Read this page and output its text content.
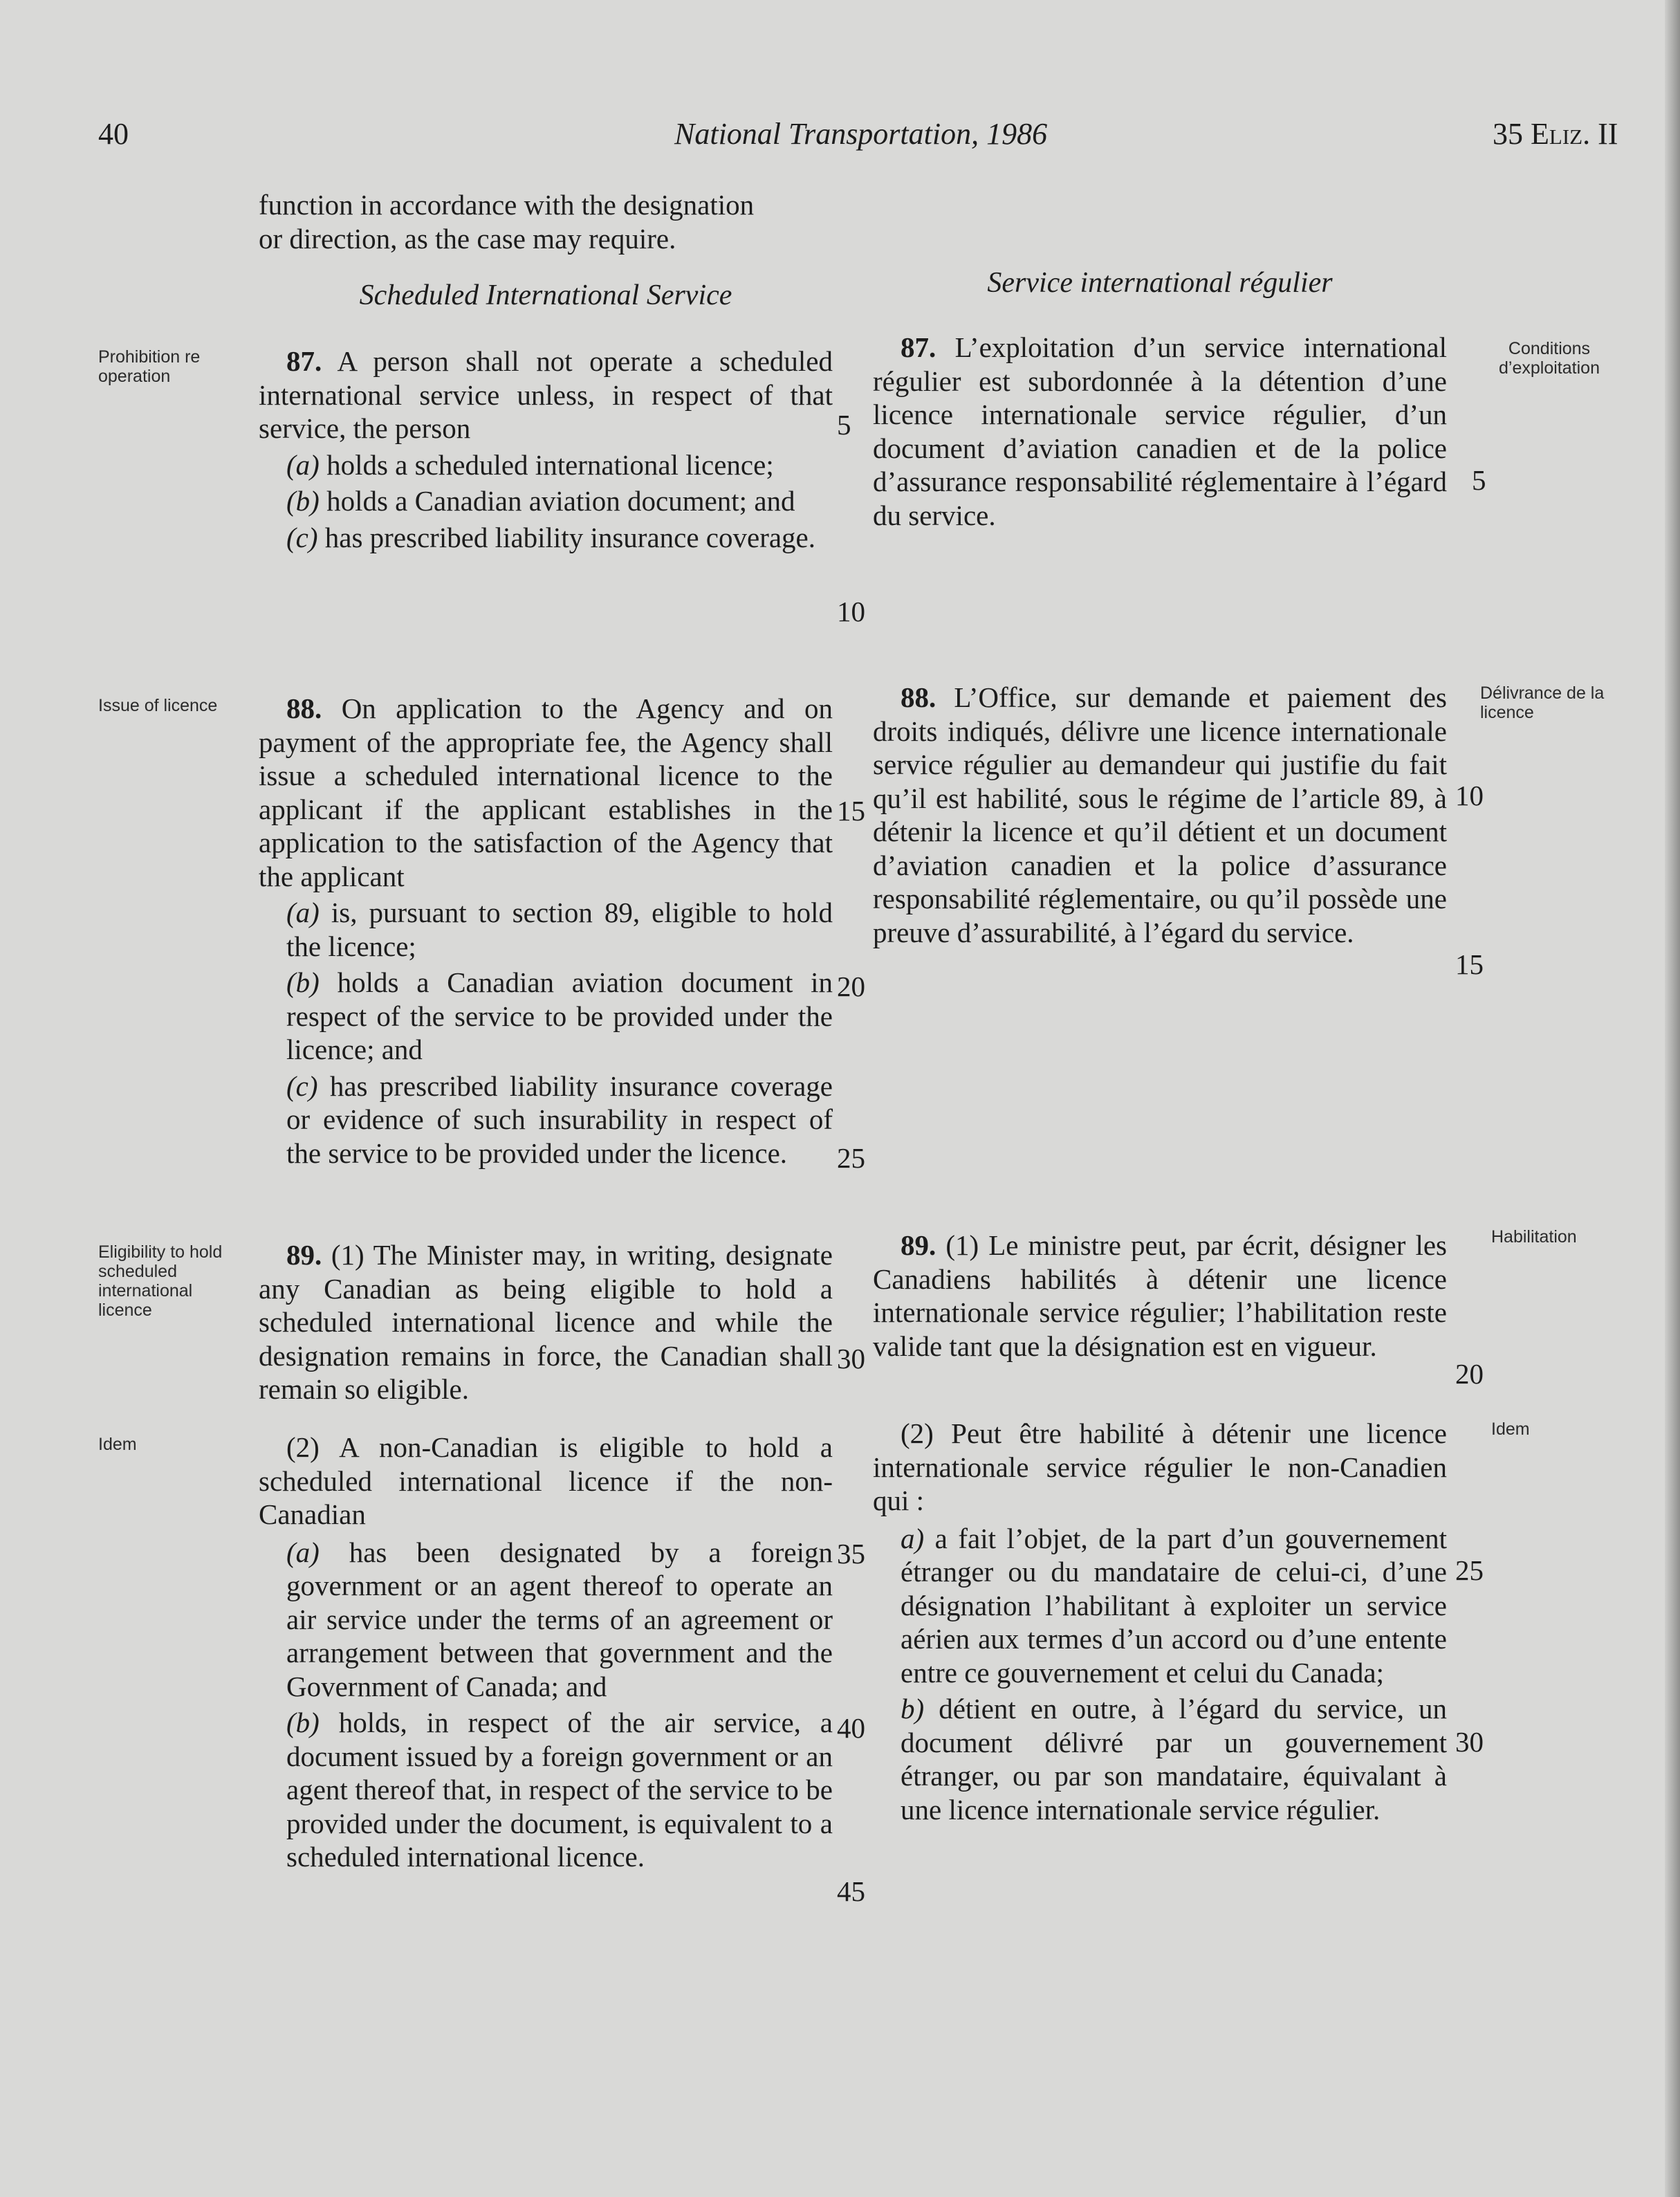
40	National Transportation, 1986	35 Eliz. II

function in accordance with the designation

or direction, as the case may require.

Scheduled International Service

87. A person shall not operate a scheduled international service unless, in respect of that service, the person

(a) holds a scheduled international licence;

(b) holds a Canadian aviation document; and

(c) has prescribed liability insurance coverage.

88. On application to the Agency and on payment of the appropriate fee, the Agency shall issue a scheduled international licence to the applicant if the applicant establishes in the application to the satisfaction of the Agency that the applicant

(a) is, pursuant to section 89, eligible to hold the licence;

(b) holds a Canadian aviation document in respect of the service to be provided under the licence; and

(c) has prescribed liability insurance coverage or evidence of such insurability in respect of the service to be provided under the licence.

89. (1) The Minister may, in writing, designate any Canadian as being eligible to hold a scheduled international licence and while the designation remains in force, the Canadian shall remain so eligible.

(2) A non-Canadian is eligible to hold a scheduled international licence if the non-Canadian

(a) has been designated by a foreign government or an agent thereof to operate an air service under the terms of an agreement or arrangement between that government and the Government of Canada; and

(b) holds, in respect of the air service, a document issued by a foreign government or an agent thereof that, in respect of the service to be provided under the document, is equivalent to a scheduled international licence.

Prohibition re operation
Issue of licence
Eligibility to hold scheduled international licence
Idem
5
10
15
20
25
30
35
40
45
Service international régulier

87. L’exploitation d’un service international régulier est subordonnée à la détention d’une licence internationale service régulier, d’un document d’aviation canadien et de la police d’assurance responsabilité réglementaire à l’égard du service.

88. L’Office, sur demande et paiement des droits indiqués, délivre une licence internationale service régulier au demandeur qui justifie du fait qu’il est habilité, sous le régime de l’article 89, à détenir la licence et qu’il détient et un document d’aviation canadien et la police d’assurance responsabilité réglementaire, ou qu’il possède une preuve d’assurabilité, à l’égard du service.

89. (1) Le ministre peut, par écrit, désigner les Canadiens habilités à détenir une licence internationale service régulier; l’habilitation reste valide tant que la désignation est en vigueur.

(2) Peut être habilité à détenir une licence internationale service régulier le non-Canadien qui :

a) a fait l’objet, de la part d’un gouvernement étranger ou du mandataire de celui-ci, d’une désignation l’habilitant à exploiter un service aérien aux termes d’un accord ou d’une entente entre ce gouvernement et celui du Canada;

b) détient en outre, à l’égard du service, un document délivré par un gouvernement étranger, ou par son mandataire, équivalant à une licence internationale service régulier.

Conditions d’exploitation
Délivrance de la licence
Habilitation
Idem
5
10
15
20
25
30
